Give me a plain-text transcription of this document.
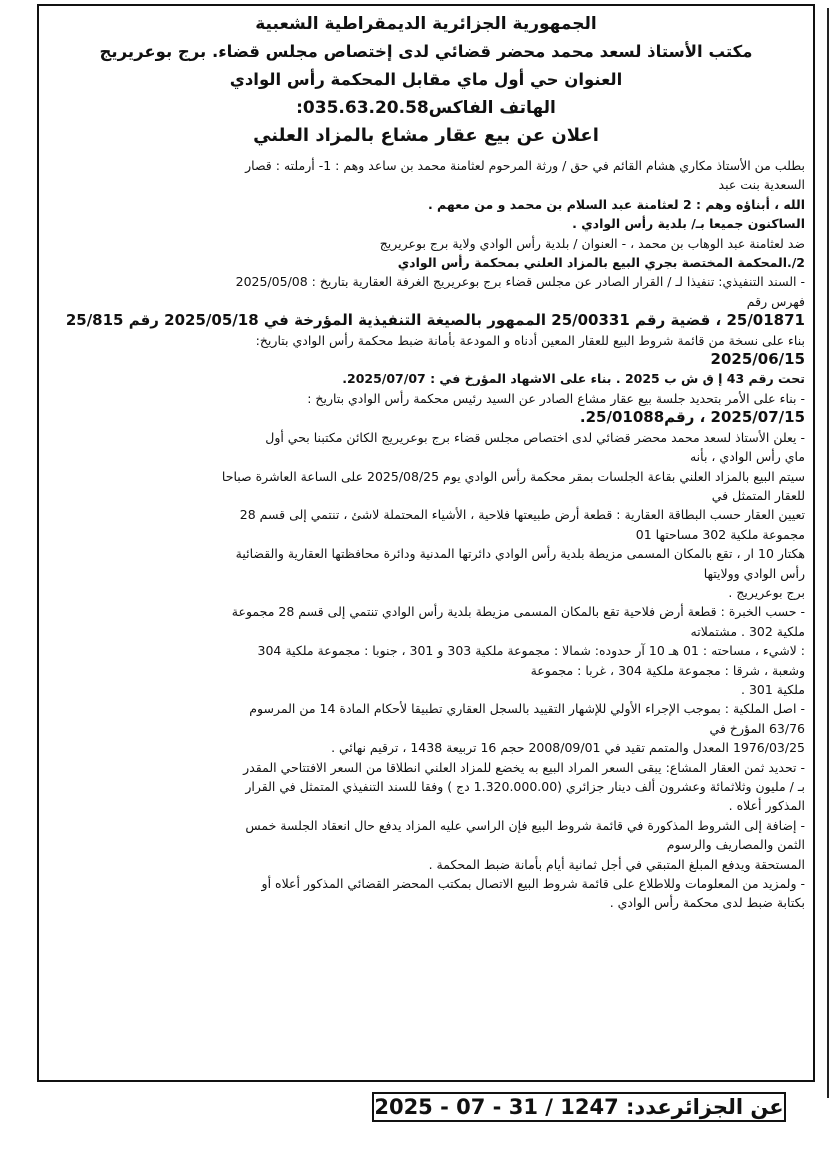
الجمهورية الجزائرية الديمقراطية الشعبية
مكتب الأستاذ لسعد محمد محضر قضائي لدى إختصاص مجلس قضاء. برج بوعريريج
العنوان حي أول ماي مقابل المحكمة رأس الوادي
الهاتف الفاكس035.63.20.58:
اعلان عن بيع عقار مشاع بالمزاد العلني
بطلب من الأستاذ مكاري هشام القائم في حق / ورثة المرحوم لعثامنة محمد بن ساعد وهم : 1- أرملته : قصار
السعدية بنت عبد
الله ، أبناؤه وهم : 2 لعثامنة عبد السلام بن محمد و من معهم .
الساكنون جميعا بـ/ بلدية رأس الوادي .
ضد لعثامنة عبد الوهاب بن محمد ، - العنوان / بلدية رأس الوادي ولاية برج بوعريريج
2/.المحكمة المختصة بجري البيع بالمزاد العلني بمحكمة رأس الوادي
- السند التنفيذي: تنفيذا لـ / القرار الصادر عن مجلس قضاء برج بوعريريج الغرفة العقارية بتاريخ : 2025/05/08
فهرس رقم
25/01871 ، قضية رقم 25/00331 الممهور بالصيغة التنفيذية المؤرخة في 2025/05/18 رقم 25/815
بناء على نسخة من قائمة شروط البيع للعقار المعين أدناه و المودعة بأمانة ضبط محكمة رأس الوادي بتاريخ:
2025/06/15
تحت رقم 43 إ ق ش ب 2025 . بناء على الاشهاد المؤرخ في : 2025/07/07.
- بناء على الأمر بتحديد جلسة بيع عقار مشاع الصادر عن السيد رئيس محكمة رأس الوادي بتاريخ :
2025/07/15 ، رقم25/01088.
- يعلن الأستاذ لسعد محمد محضر قضائي لدى اختصاص مجلس قضاء برج بوعريريج الكائن مكتبنا بحي أول
ماي رأس الوادي ، بأنه
سيتم البيع بالمزاد العلني بقاعة الجلسات بمقر محكمة رأس الوادي يوم 2025/08/25 على الساعة العاشرة صباحا
للعقار المتمثل في
تعيين العقار حسب البطاقة العقارية : قطعة أرض طبيعتها فلاحية ، الأشياء المحتملة لاشئ ، تنتمي إلى قسم 28
مجموعة ملكية 302 مساحتها 01
هكتار 10 ار ، تقع بالمكان المسمى مزيطة بلدية رأس الوادي دائرتها المدنية ودائرة محافظتها العقارية والقضائية
رأس الوادي وولايتها
برج بوعريريج .
- حسب الخبرة : قطعة أرض فلاحية تقع بالمكان المسمى مزيطة بلدية رأس الوادي تنتمي إلى قسم 28 مجموعة
ملكية 302 . مشتملاته
: لاشيء ، مساحته : 01 هـ 10 آر حدوده: شمالا : مجموعة ملكية 303 و 301 ، جنوبا : مجموعة ملكية 304
وشعبة ، شرقا : مجموعة ملكية 304 ، غربا : مجموعة
ملكية 301 .
- اصل الملكية : بموجب الإجراء الأولي للإشهار التقييد بالسجل العقاري تطبيقا لأحكام المادة 14 من المرسوم
63/76 المؤرخ في
1976/03/25 المعدل والمتمم تقيد في 2008/09/01 حجم 16 تربيعة 1438 ، ترقيم نهائي .
- تحديد ثمن العقار المشاع: يبقى السعر المراد البيع به يخضع للمزاد العلني انطلاقا من السعر الافتتاحي المقدر
بـ / مليون وثلاثمائة وعشرون ألف دينار جزائري (1.320.000.00 دج ) وفقا للسند التنفيذي المتمثل في القرار
المذكور أعلاه .
- إضافة إلى الشروط المذكورة في قائمة شروط البيع فإن الراسي عليه المزاد يدفع حال انعقاد الجلسة خمس
الثمن والمصاريف والرسوم
المستحقة ويدفع المبلغ المتبقي في أجل ثمانية أيام بأمانة ضبط المحكمة .
- ولمزيد من المعلومات وللاطلاع على قائمة شروط البيع الاتصال بمكتب المحضر القضائي المذكور أعلاه أو
بكتابة ضبط لدى محكمة رأس الوادي .
عن الجزائرعدد: 1247 / 31 - 07 - 2025
